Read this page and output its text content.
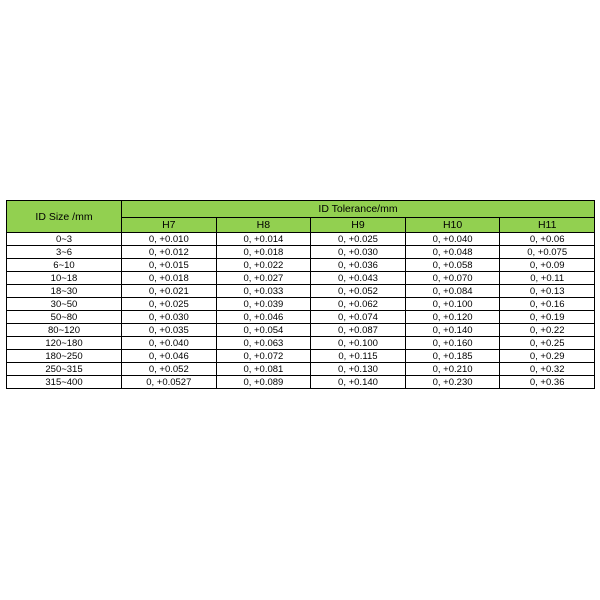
ID Size /mm	ID Tolerance/mm				
	H7	H8	H9	H10	H11
0~3	0, +0.010	0, +0.014	0, +0.025	0, +0.040	0, +0.06
3~6	0, +0.012	0, +0.018	0, +0.030	0, +0.048	0, +0.075
6~10	0, +0.015	0, +0.022	0, +0.036	0, +0.058	0, +0.09
10~18	0, +0.018	0, +0.027	0, +0.043	0, +0.070	0, +0.11
18~30	0, +0.021	0, +0.033	0, +0.052	0, +0.084	0, +0.13
30~50	0, +0.025	0, +0.039	0, +0.062	0, +0.100	0, +0.16
50~80	0, +0.030	0, +0.046	0, +0.074	0, +0.120	0, +0.19
80~120	0, +0.035	0, +0.054	0, +0.087	0, +0.140	0, +0.22
120~180	0, +0.040	0, +0.063	0, +0.100	0, +0.160	0, +0.25
180~250	0, +0.046	0, +0.072	0, +0.115	0, +0.185	0, +0.29
250~315	0, +0.052	0, +0.081	0, +0.130	0, +0.210	0, +0.32
315~400	0, +0.0527	0, +0.089	0, +0.140	0, +0.230	0, +0.36
